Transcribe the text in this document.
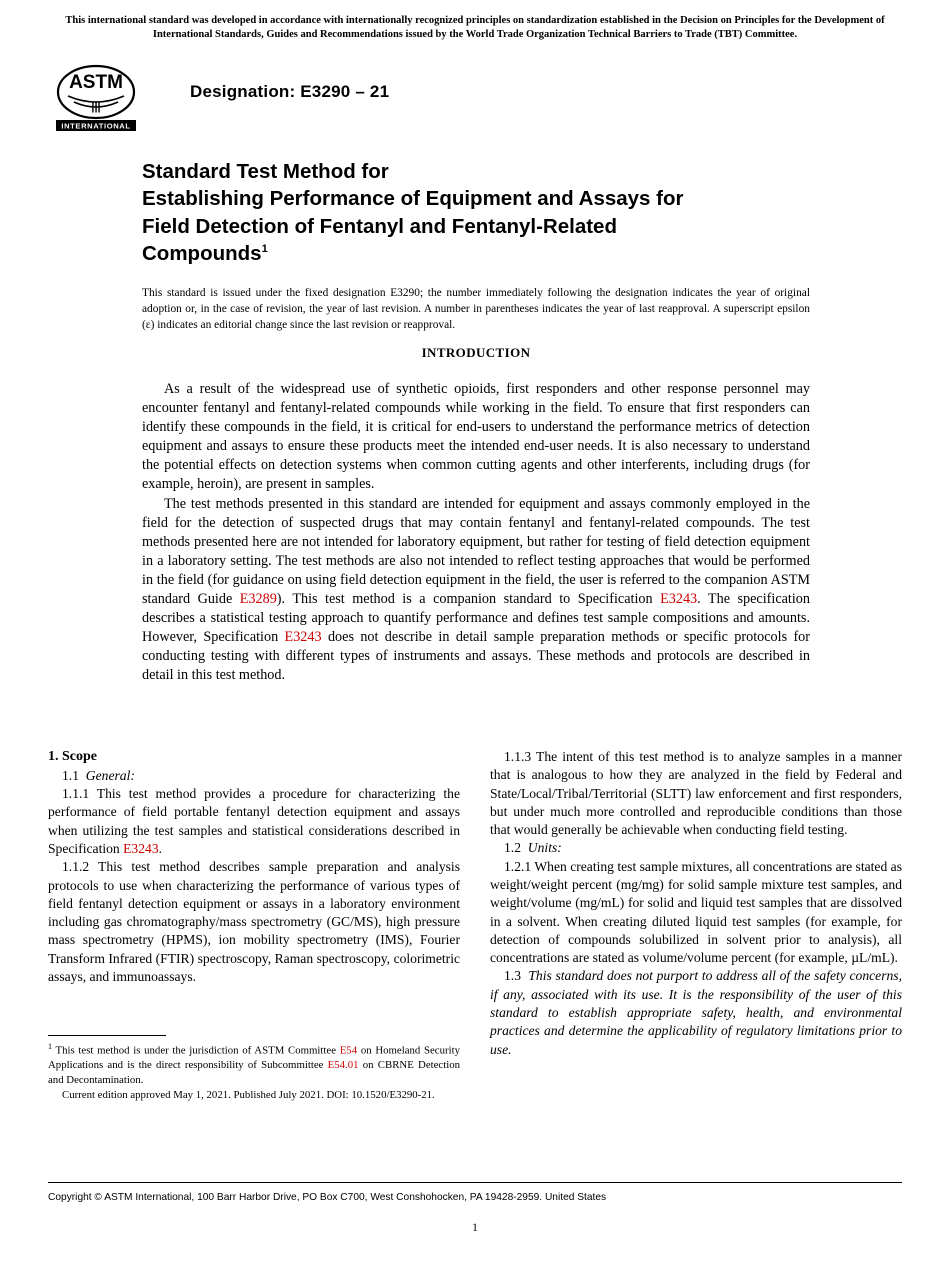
This international standard was developed in accordance with internationally recognized principles on standardization established in the Decision on Principles for the Development of International Standards, Guides and Recommendations issued by the World Trade Organization Technical Barriers to Trade (TBT) Committee.
ASTM
|||
INTERNATIONAL
Designation: E3290 – 21
Standard Test Method for
Establishing Performance of Equipment and Assays for
Field Detection of Fentanyl and Fentanyl-Related
Compounds$^1$
This standard is issued under the fixed designation E3290; the number immediately following the designation indicates the year of original adoption or, in the case of revision, the year of last revision. A number in parentheses indicates the year of last reapproval. A superscript epsilon (ε) indicates an editorial change since the last revision or reapproval.
INTRODUCTION

As a result of the widespread use of synthetic opioids, first responders and other response personnel may encounter fentanyl and fentanyl-related compounds while working in the field. To ensure that first responders can identify these compounds in the field, it is critical for end-users to understand the performance metrics of detection equipment and assays to ensure these products meet the intended end-user needs. It is also necessary to understand the potential effects on detection systems when common cutting agents and other interferents, including drugs (for example, heroin), are present in samples.

The test methods presented in this standard are intended for equipment and assays commonly employed in the field for the detection of suspected drugs that may contain fentanyl and fentanyl-related compounds. The test methods presented here are not intended for laboratory equipment, but rather for testing of field detection equipment in a laboratory setting. The test methods are also not intended to reflect testing approaches that would be performed in the field (for guidance on using field detection equipment in the field, the user is referred to the companion ASTM standard Guide E3289). This test method is a companion standard to Specification E3243. The specification describes a statistical testing approach to quantify performance and defines test sample compositions and amounts. However, Specification E3243 does not describe in detail sample preparation methods or specific protocols for conducting testing with different types of instruments and assays. These methods and protocols are described in detail in this test method.

1. Scope

1.1 General:

1.1.1 This test method provides a procedure for characterizing the performance of field portable fentanyl detection equipment and assays when utilizing the test samples and statistical considerations described in Specification E3243.

1.1.2 This test method describes sample preparation and analysis protocols to use when characterizing the performance of various types of field fentanyl detection equipment or assays in a laboratory environment including gas chromatography/mass spectrometry (GC/MS), high pressure mass spectrometry (HPMS), ion mobility spectrometry (IMS), Fourier Transform Infrared (FTIR) spectroscopy, Raman spectroscopy, colorimetric assays, and immunoassays.

1.1.3 The intent of this test method is to analyze samples in a manner that is analogous to how they are analyzed in the field by Federal and State/Local/Tribal/Territorial (SLTT) law enforcement and first responders, but under much more controlled and reproducible conditions than those that would generally be achievable when conducting field testing.

1.2 Units:

1.2.1 When creating test sample mixtures, all concentrations are stated as weight/weight percent (mg/mg) for solid sample mixture test samples, and weight/volume (mg/mL) for solid and liquid test samples that are dissolved in a solvent. When creating diluted liquid test samples (for example, for detection of compounds solubilized in solvent prior to analysis), all concentrations are stated as volume/volume percent (for example, µL/mL).

1.3 This standard does not purport to address all of the safety concerns, if any, associated with its use. It is the responsibility of the user of this standard to establish appropriate safety, health, and environmental practices and determine the applicability of regulatory limitations prior to use.

$^1$ This test method is under the jurisdiction of ASTM Committee E54 on Homeland Security Applications and is the direct responsibility of Subcommittee E54.01 on CBRNE Detection and Decontamination.

Current edition approved May 1, 2021. Published July 2021. DOI: 10.1520/E3290-21.

Copyright © ASTM International, 100 Barr Harbor Drive, PO Box C700, West Conshohocken, PA 19428-2959. United States
1
